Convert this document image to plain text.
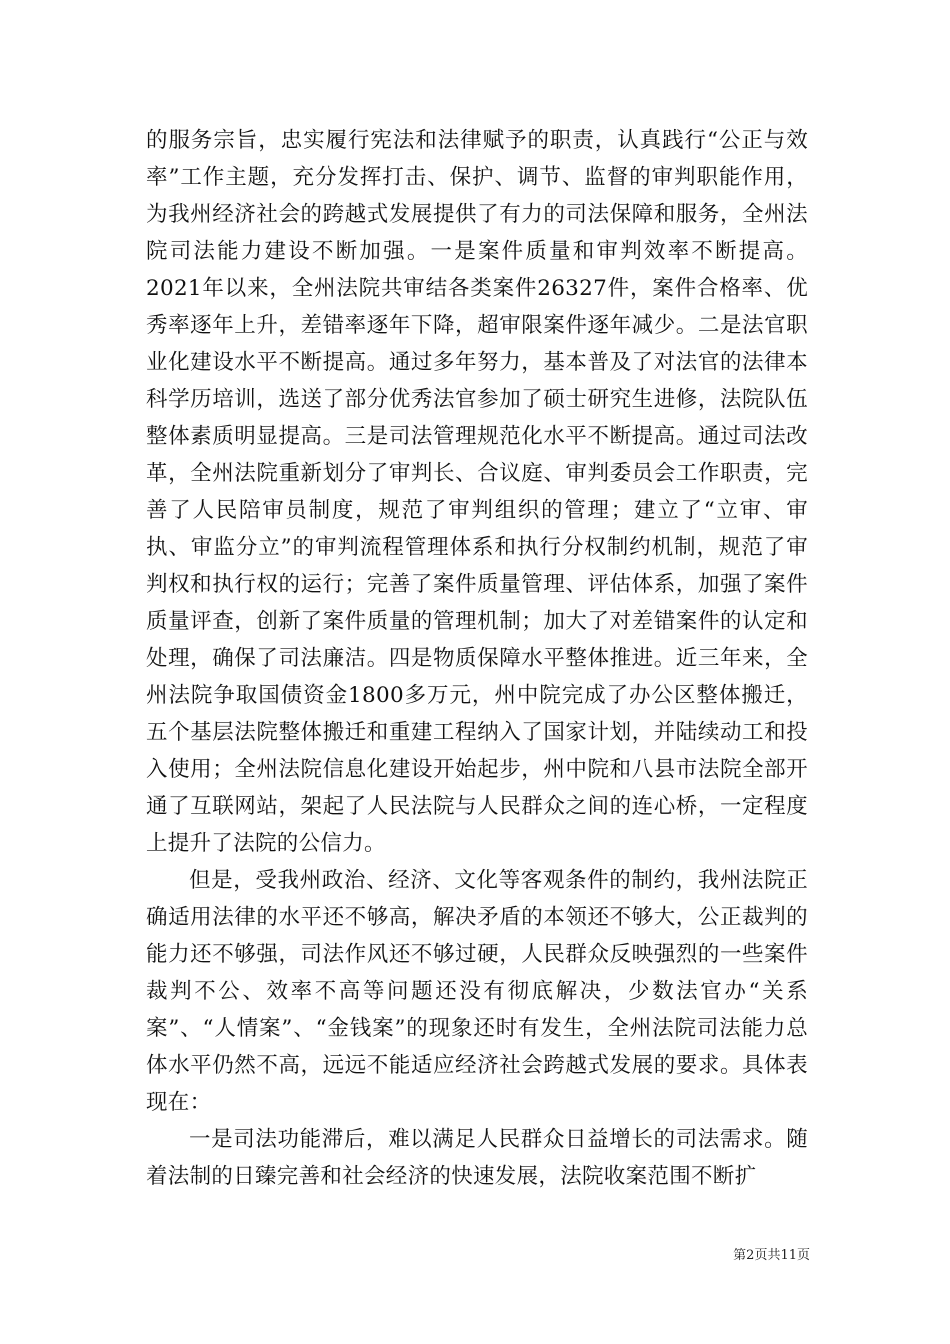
的服务宗旨，忠实履行宪法和法律赋予的职责，认真践行“公正与效率”工作主题，充分发挥打击、保护、调节、监督的审判职能作用，为我州经济社会的跨越式发展提供了有力的司法保障和服务，全州法院司法能力建设不断加强。一是案件质量和审判效率不断提高。2021年以来，全州法院共审结各类案件26327件，案件合格率、优秀率逐年上升，差错率逐年下降，超审限案件逐年减少。二是法官职业化建设水平不断提高。通过多年努力，基本普及了对法官的法律本科学历培训，选送了部分优秀法官参加了硕士研究生进修，法院队伍整体素质明显提高。三是司法管理规范化水平不断提高。通过司法改革，全州法院重新划分了审判长、合议庭、审判委员会工作职责，完善了人民陪审员制度，规范了审判组织的管理；建立了“立审、审执、审监分立”的审判流程管理体系和执行分权制约机制，规范了审判权和执行权的运行；完善了案件质量管理、评估体系，加强了案件质量评查，创新了案件质量的管理机制；加大了对差错案件的认定和处理，确保了司法廉洁。四是物质保障水平整体推进。近三年来，全州法院争取国债资金1800多万元，州中院完成了办公区整体搬迁，五个基层法院整体搬迁和重建工程纳入了国家计划，并陆续动工和投入使用；全州法院信息化建设开始起步，州中院和八县市法院全部开通了互联网站，架起了人民法院与人民群众之间的连心桥，一定程度上提升了法院的公信力。

但是，受我州政治、经济、文化等客观条件的制约，我州法院正确适用法律的水平还不够高，解决矛盾的本领还不够大，公正裁判的能力还不够强，司法作风还不够过硬，人民群众反映强烈的一些案件裁判不公、效率不高等问题还没有彻底解决，少数法官办“关系案”、“人情案”、“金钱案”的现象还时有发生，全州法院司法能力总体水平仍然不高，远远不能适应经济社会跨越式发展的要求。具体表现在：

一是司法功能滞后，难以满足人民群众日益增长的司法需求。随着法制的日臻完善和社会经济的快速发展，法院收案范围不断扩

第2页共11页
